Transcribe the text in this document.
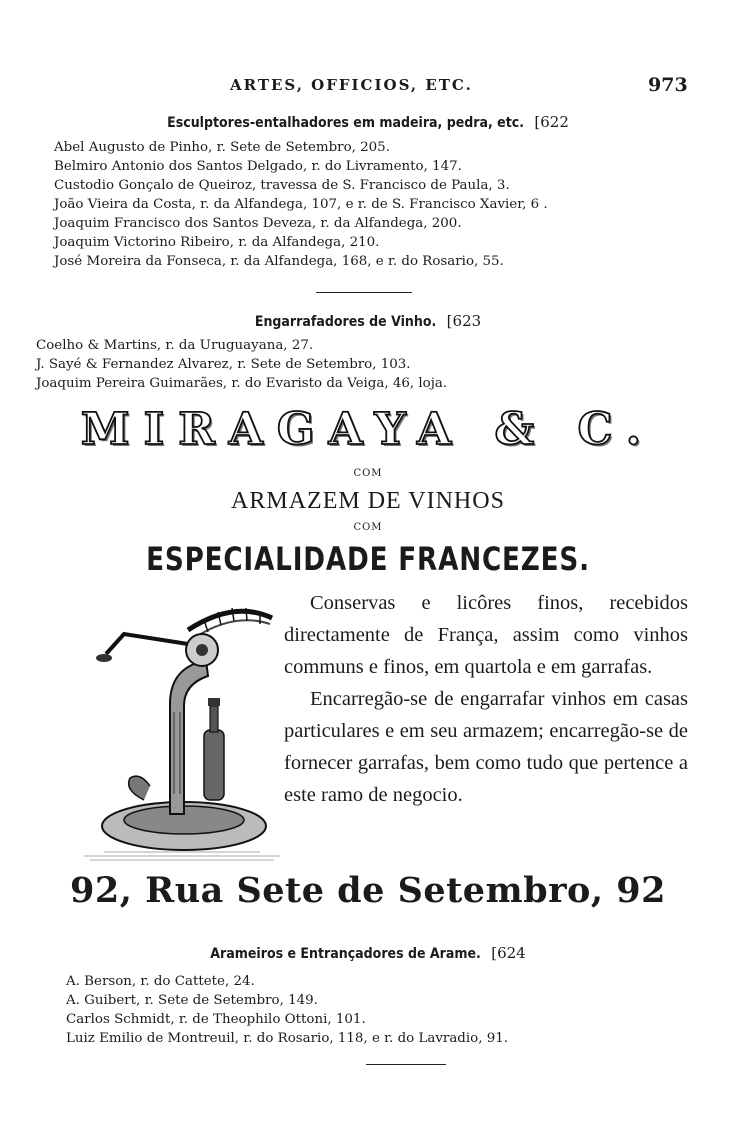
ARTES, OFFICIOS, ETC.	973
Esculptores-entalhadores em madeira, pedra, etc. [622
Abel Augusto de Pinho, r. Sete de Setembro, 205.
Belmiro Antonio dos Santos Delgado, r. do Livramento, 147.
Custodio Gonçalo de Queiroz, travessa de S. Francisco de Paula, 3.
João Vieira da Costa, r. da Alfandega, 107, e r. de S. Francisco Xavier, 6 .
Joaquim Francisco dos Santos Deveza, r. da Alfandega, 200.
Joaquim Victorino Ribeiro, r. da Alfandega, 210.
José Moreira da Fonseca, r. da Alfandega, 168, e r. do Rosario, 55.
Engarrafadores de Vinho. [623
Coelho & Martins, r. da Uruguayana, 27.
J. Sayé & Fernandez Alvarez, r. Sete de Setembro, 103.
Joaquim Pereira Guimarães, r. do Evaristo da Veiga, 46, loja.
MIRAGAYA & C.
COM
ARMAZEM DE VINHOS
COM
ESPECIALIDADE FRANCEZES.

Conservas e licôres finos, recebidos directamente de França, assim como vinhos communs e finos, em quartola e em garrafas.

Encarregão-se de engarrafar vinhos em casas particulares e em seu armazem; encarregão-se de fornecer garrafas, bem como tudo que pertence a este ramo de negocio.

92, Rua Sete de Setembro, 92
Arameiros e Entrançadores de Arame. [624
A. Berson, r. do Cattete, 24.
A. Guibert, r. Sete de Setembro, 149.
Carlos Schmidt, r. de Theophilo Ottoni, 101.
Luiz Emilio de Montreuil, r. do Rosario, 118, e r. do Lavradio, 91.
